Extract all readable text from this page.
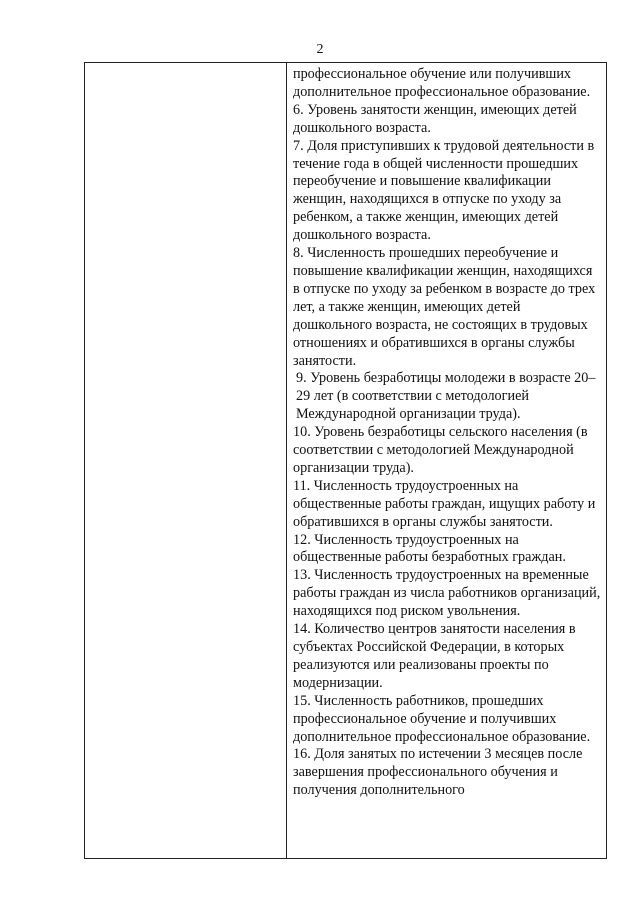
2

профессиональное обучение или получивших дополнительное профессиональное образование.

6. Уровень занятости женщин, имеющих детей дошкольного возраста.

7. Доля приступивших к трудовой деятельности в течение года в общей численности прошедших переобучение и повышение квалификации женщин, находящихся в отпуске по уходу за ребенком, а также женщин, имеющих детей дошкольного возраста.

8. Численность прошедших переобучение и повышение квалификации женщин, находящихся в отпуске по уходу за ребенком в возрасте до трех лет, а также женщин, имеющих детей дошкольного возраста, не состоящих в трудовых отношениях и обратившихся в органы службы занятости.

9. Уровень безработицы молодежи в возрасте 20–29 лет (в соответствии с методологией Международной организации труда).

10. Уровень безработицы сельского населения (в соответствии с методологией Международной организации труда).

11. Численность трудоустроенных на общественные работы граждан, ищущих работу и обратившихся в органы службы занятости.

12. Численность трудоустроенных на общественные работы безработных граждан.

13. Численность трудоустроенных на временные работы граждан из числа работников организаций, находящихся под риском увольнения.

14. Количество центров занятости населения в субъектах Российской Федерации, в которых реализуются или реализованы проекты по модернизации.

15. Численность работников, прошедших профессиональное обучение и получивших дополнительное профессиональное образование.

16. Доля занятых по истечении 3 месяцев после завершения профессионального обучения и получения дополнительного
